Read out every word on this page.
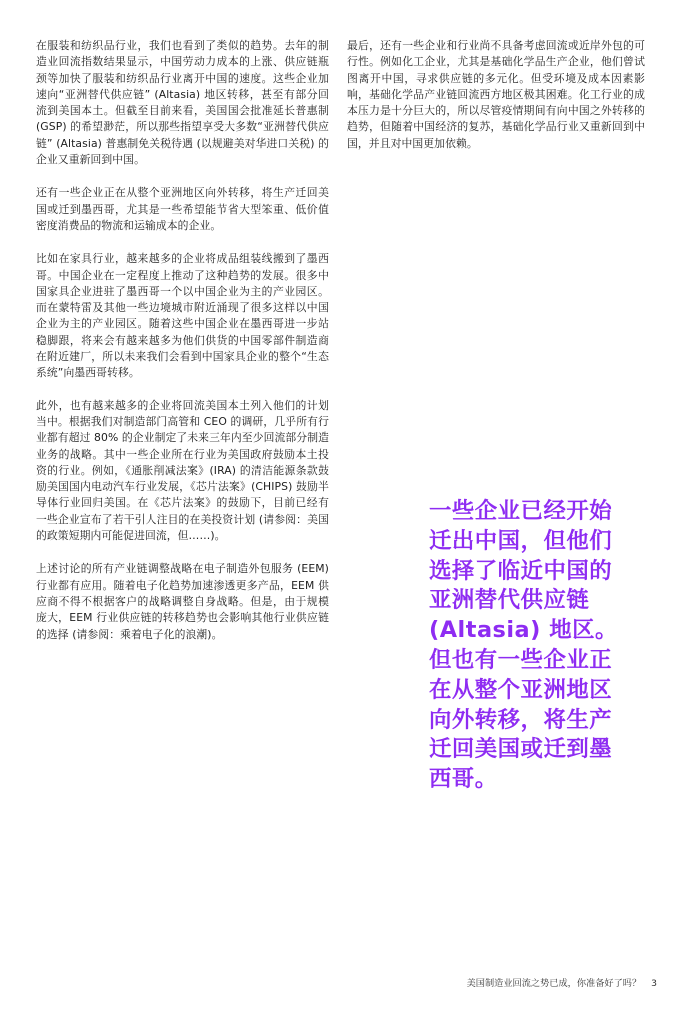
在服装和纺织品行业，我们也看到了类似的趋势。去年的制造业回流指数结果显示，中国劳动力成本的上涨、供应链瓶颈等加快了服装和纺织品行业离开中国的速度。这些企业加速向“亚洲替代供应链” (Altasia) 地区转移，甚至有部分回流到美国本土。但截至目前来看，美国国会批准延长普惠制 (GSP) 的希望渺茫，所以那些指望享受大多数“亚洲替代供应链” (Altasia) 普惠制免关税待遇 (以规避美对华进口关税) 的企业又重新回到中国。

还有一些企业正在从整个亚洲地区向外转移，将生产迁回美国或迁到墨西哥，尤其是一些希望能节省大型笨重、低价值密度消费品的物流和运输成本的企业。

比如在家具行业，越来越多的企业将成品组装线搬到了墨西哥。中国企业在一定程度上推动了这种趋势的发展。很多中国家具企业进驻了墨西哥一个以中国企业为主的产业园区。而在蒙特雷及其他一些边境城市附近涌现了很多这样以中国企业为主的产业园区。随着这些中国企业在墨西哥进一步站稳脚跟，将来会有越来越多为他们供货的中国零部件制造商在附近建厂，所以未来我们会看到中国家具企业的整个“生态系统”向墨西哥转移。

此外，也有越来越多的企业将回流美国本土列入他们的计划当中。根据我们对制造部门高管和 CEO 的调研，几乎所有行业都有超过 80% 的企业制定了未来三年内至少回流部分制造业务的战略。其中一些企业所在行业为美国政府鼓励本土投资的行业。例如，《通胀削减法案》(IRA) 的清洁能源条款鼓励美国国内电动汽车行业发展，《芯片法案》(CHIPS) 鼓励半导体行业回归美国。在《芯片法案》的鼓励下，目前已经有一些企业宣布了若干引人注目的在美投资计划 (请参阅：美国的政策短期内可能促进回流，但……)。

上述讨论的所有产业链调整战略在电子制造外包服务 (EEM) 行业都有应用。随着电子化趋势加速渗透更多产品，EEM 供应商不得不根据客户的战略调整自身战略。但是，由于规模庞大，EEM 行业供应链的转移趋势也会影响其他行业供应链的选择 (请参阅：乘着电子化的浪潮)。

最后，还有一些企业和行业尚不具备考虑回流或近岸外包的可行性。例如化工企业，尤其是基础化学品生产企业，他们曾试图离开中国，寻求供应链的多元化。但受环境及成本因素影响，基础化学品产业链回流西方地区极其困难。化工行业的成本压力是十分巨大的，所以尽管疫情期间有向中国之外转移的趋势，但随着中国经济的复苏，基础化学品行业又重新回到中国，并且对中国更加依赖。

一些企业已经开始迁出中国，但他们选择了临近中国的亚洲替代供应链 (Altasia) 地区。但也有一些企业正在从整个亚洲地区向外转移，将生产迁回美国或迁到墨西哥。

美国制造业回流之势已成，你准备好了吗？ 3
